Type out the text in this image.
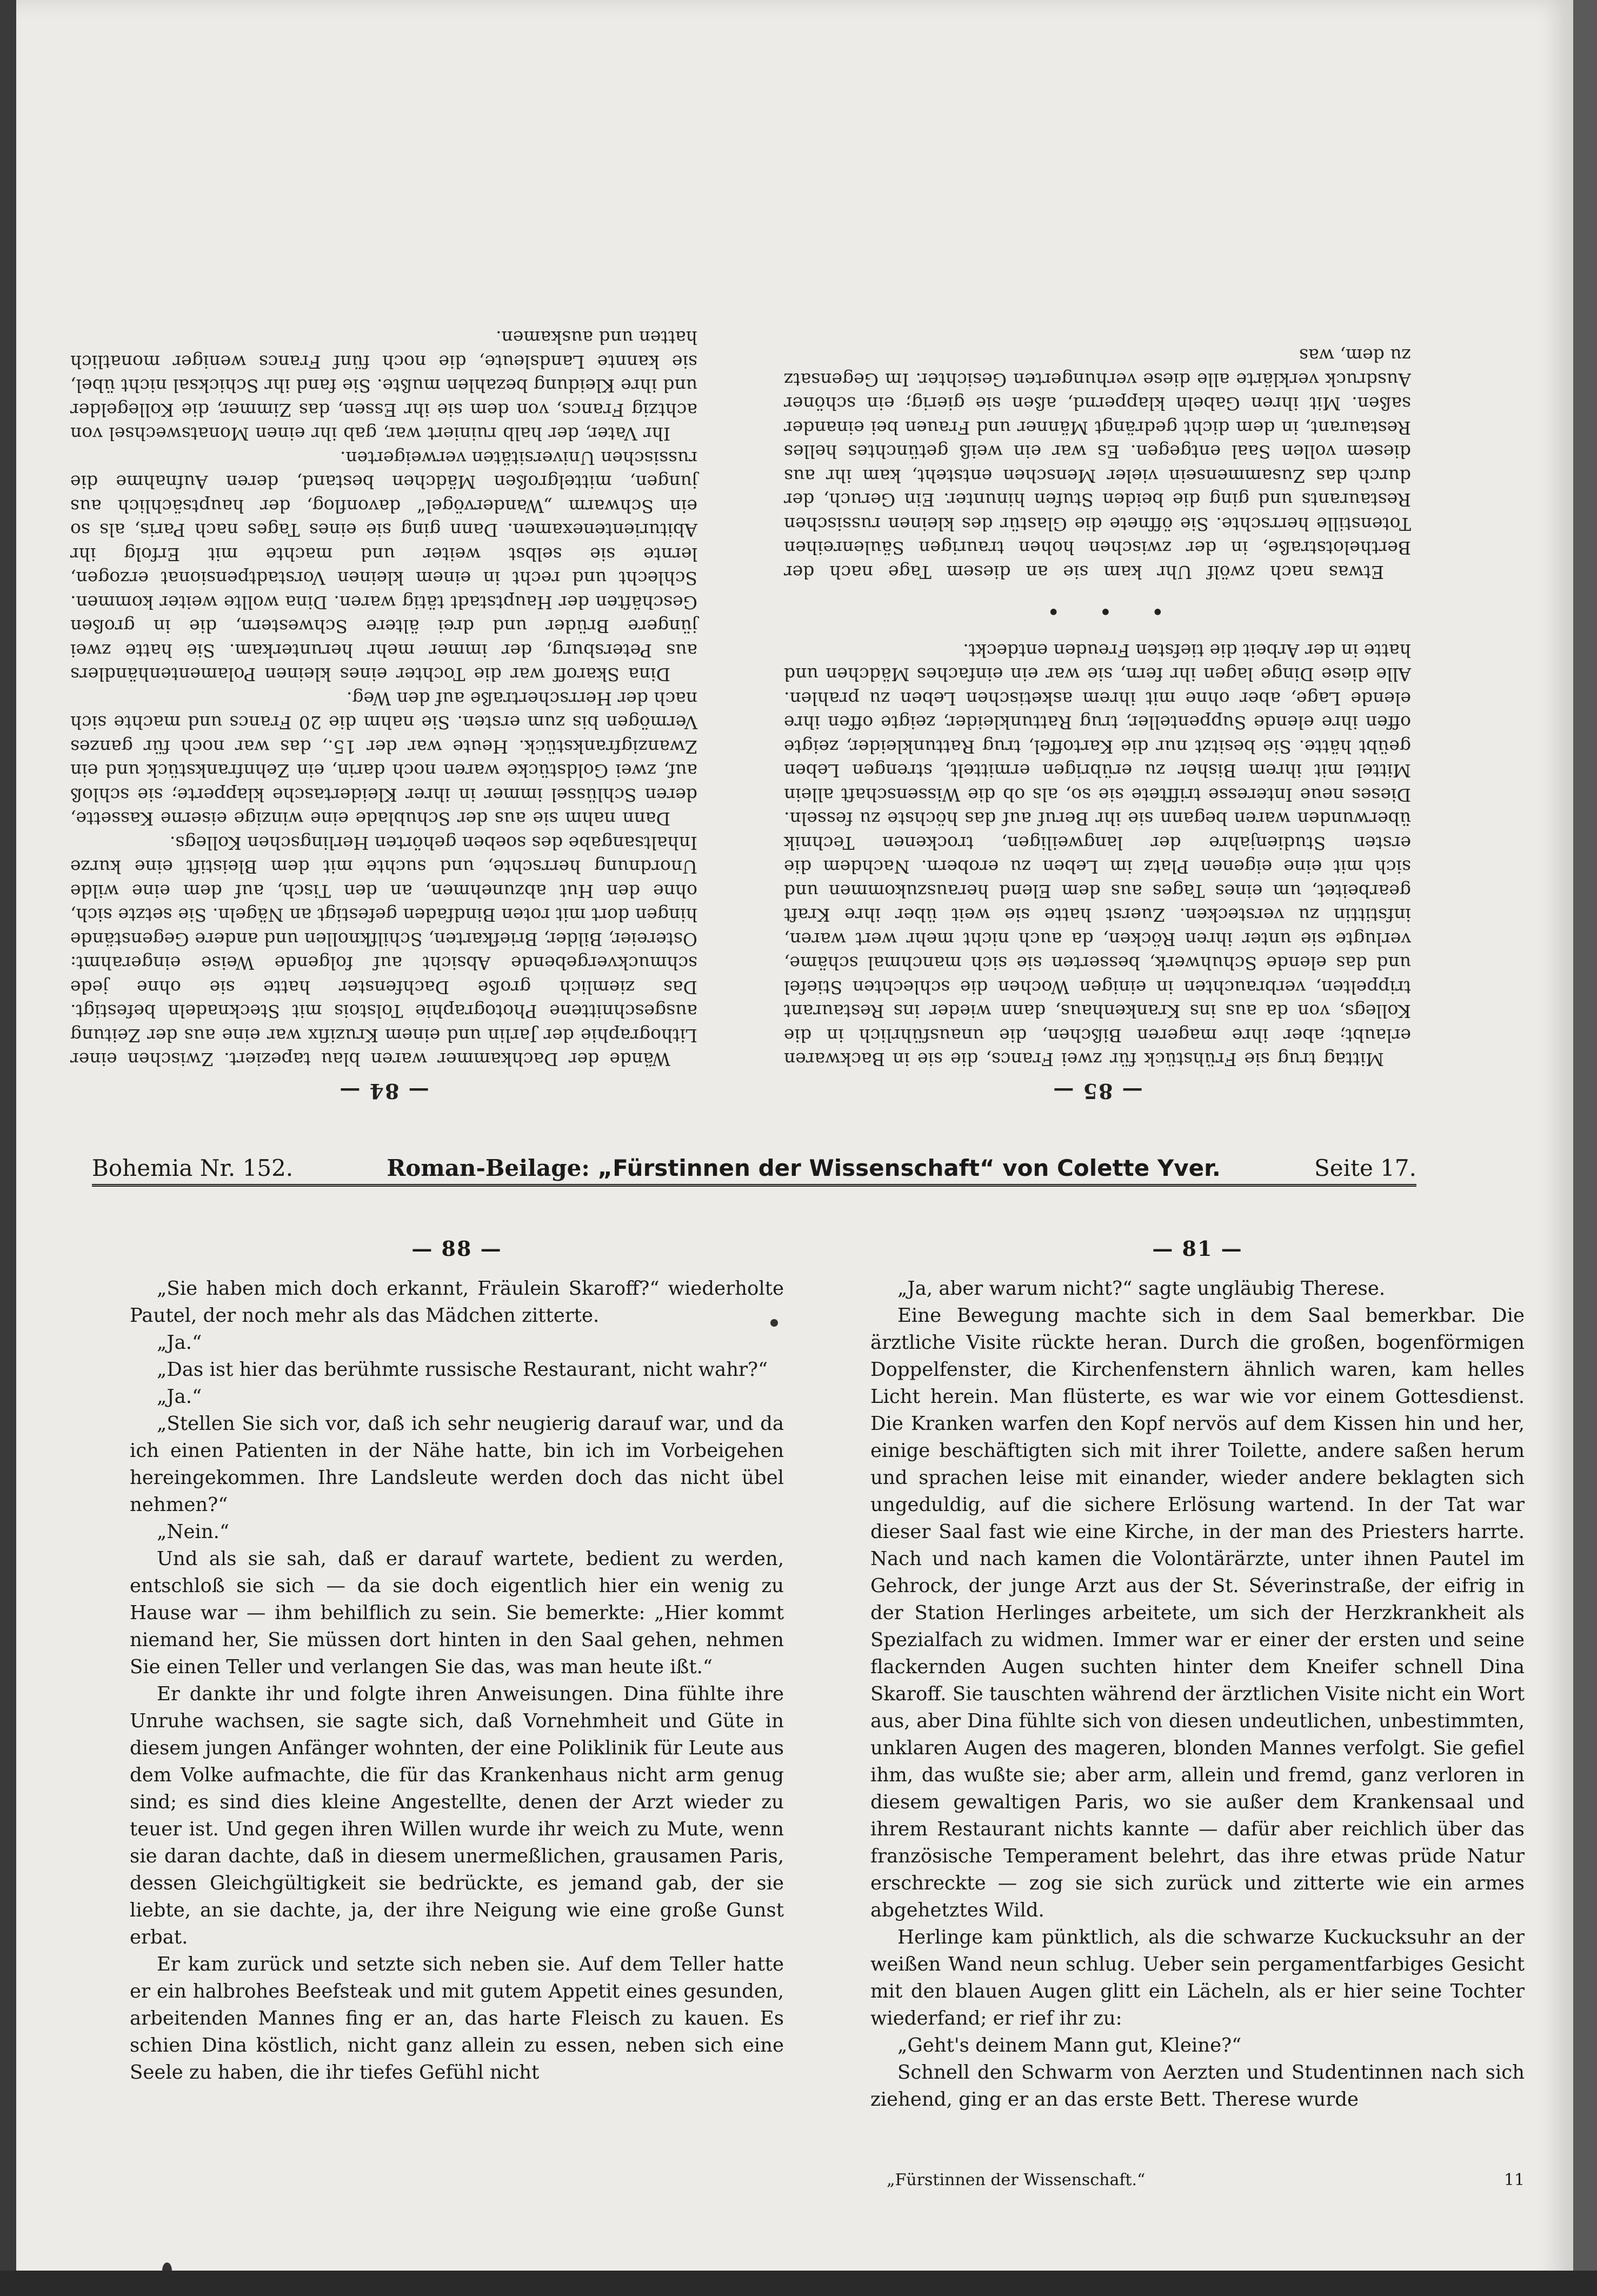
— 85 —

Mittag trug sie Frühstück für zwei Francs, die sie in Backwaren erlaubt; aber ihre mageren Bißchen, die unausführlich in die Kollegs, von da aus ins Krankenhaus, dann wieder ins Restaurant trippelten, verbrauchten in einigen Wochen die schlechten Stiefel und das elende Schuhwerk, besserten sie sich manchmal schäme, verlugte sie unter ihren Röcken, da auch nicht mehr wert waren, infstittin zu verstecken. Zuerst hatte sie weit über ihre Kraft gearbeitet, um eines Tages aus dem Elend herauszukommen und sich mit eine eigenen Platz im Leben zu erobern. Nachdem die ersten Studienjahre der langweiligen, trockenen Technik überwunden waren begann sie ihr Beruf auf das höchste zu fesseln. Dieses neue Interesse trifftete sie so, als ob die Wissenschaft allein Mittel mit ihrem Bisher zu erübrigen ermittelt, strengen Leben geübt hätte. Sie besitzt nur die Kartoffel, trug Rattunkleider, zeigte offen ihre elende Suppenteller, trug Rattunkleider, zeigte offen ihre elende Lage, aber ohne mit ihrem asketischen Leben zu prahlen. Alle diese Dinge lagen ihr fern, sie war ein einfaches Mädchen und hatte in der Arbeit die tiefsten Freuden entdeckt.

• • •

Etwas nach zwölf Uhr kam sie an diesem Tage nach der Berthelotstraße, in der zwischen hohen traurigen Säulenreihen Totenstille herrschte. Sie öffnete die Glastür des kleinen russischen Restaurants und ging die beiden Stufen hinunter. Ein Geruch, der durch das Zusammensein vieler Menschen entsteht, kam ihr aus diesem vollen Saal entgegen. Es war ein weiß getünchtes helles Restaurant, in dem dicht gedrängt Männer und Frauen bei einander saßen. Mit ihren Gabeln klappernd, aßen sie gierig; ein schöner Ausdruck verklärte alle diese verhungerten Gesichter. Im Gegensatz zu dem, was

— 84 —

Wände der Dachkammer waren blau tapeziert. Zwischen einer Lithographie der Jarlin und einem Kruzifix war eine aus der Zeitung ausgeschnittene Photographie Tolstois mit Stecknadeln befestigt. Das ziemlich große Dachfenster hatte sie ohne jede schmuckvergebende Absicht auf folgende Weise eingerahmt: Ostereier, Bilder, Briefkarten, Schilfknollen und andere Gegenstände hingen dort mit roten Bindfaden gefestigt an Nägeln. Sie setzte sich, ohne den Hut abzunehmen, an den Tisch, auf dem eine wilde Unordnung herrschte, und suchte mit dem Bleistift eine kurze Inhaltsangabe des soeben gehörten Herlingschen Kollegs.

Dann nahm sie aus der Schublade eine winzige eiserne Kassette, deren Schlüssel immer in ihrer Kleidertasche klapperte; sie schloß auf, zwei Goldstücke waren noch darin, ein Zehnfrankstück und ein Zwanzigfrankstück. Heute war der 15., das war noch für ganzes Vermögen bis zum ersten. Sie nahm die 20 Francs und machte sich nach der Herrschertraße auf den Weg.

Dina Skaroff war die Tochter eines kleinen Polamentenhändlers aus Petersburg, der immer mehr herunterkam. Sie hatte zwei jüngere Brüder und drei ältere Schwestern, die in großen Geschäften der Hauptstadt tätig waren. Dina wollte weiter kommen. Schlecht und recht in einem kleinen Vorstadtpensionat erzogen, lernte sie selbst weiter und machte mit Erfolg ihr Abiturientenexamen. Dann ging sie eines Tages nach Paris, als so ein Schwarm „Wandervögel“ davonflog, der hauptsächlich aus jungen, mittelgroßen Mädchen bestand, deren Aufnahme die russischen Universitäten verweigerten.

Ihr Vater, der halb ruiniert war, gab ihr einen Monatswechsel von achtzig Francs, von dem sie ihr Essen, das Zimmer, die Kollegelder und ihre Kleidung bezahlen mußte. Sie fand ihr Schicksal nicht übel, sie kannte Landsleute, die noch fünf Francs weniger monatlich hatten und auskamen.

Bohemia Nr. 152.	Roman-Beilage: „Fürstinnen der Wissenschaft“ von Colette Yver.	Seite 17.
— 88 —

„Sie haben mich doch erkannt, Fräulein Skaroff?“ wiederholte Pautel, der noch mehr als das Mädchen zitterte.

„Ja.“

„Das ist hier das berühmte russische Restaurant, nicht wahr?“

„Ja.“

„Stellen Sie sich vor, daß ich sehr neugierig darauf war, und da ich einen Patienten in der Nähe hatte, bin ich im Vorbeigehen hereingekommen. Ihre Landsleute werden doch das nicht übel nehmen?“

„Nein.“

Und als sie sah, daß er darauf wartete, bedient zu werden, entschloß sie sich — da sie doch eigentlich hier ein wenig zu Hause war — ihm behilflich zu sein. Sie bemerkte: „Hier kommt niemand her, Sie müssen dort hinten in den Saal gehen, nehmen Sie einen Teller und verlangen Sie das, was man heute ißt.“

Er dankte ihr und folgte ihren Anweisungen. Dina fühlte ihre Unruhe wachsen, sie sagte sich, daß Vornehmheit und Güte in diesem jungen Anfänger wohnten, der eine Poliklinik für Leute aus dem Volke aufmachte, die für das Krankenhaus nicht arm genug sind; es sind dies kleine Angestellte, denen der Arzt wieder zu teuer ist. Und gegen ihren Willen wurde ihr weich zu Mute, wenn sie daran dachte, daß in diesem unermeßlichen, grausamen Paris, dessen Gleichgültigkeit sie bedrückte, es jemand gab, der sie liebte, an sie dachte, ja, der ihre Neigung wie eine große Gunst erbat.

Er kam zurück und setzte sich neben sie. Auf dem Teller hatte er ein halbrohes Beefsteak und mit gutem Appetit eines gesunden, arbeitenden Mannes fing er an, das harte Fleisch zu kauen. Es schien Dina köstlich, nicht ganz allein zu essen, neben sich eine Seele zu haben, die ihr tiefes Gefühl nicht

— 81 —

„Ja, aber warum nicht?“ sagte ungläubig Therese.

Eine Bewegung machte sich in dem Saal bemerkbar. Die ärztliche Visite rückte heran. Durch die großen, bogenförmigen Doppelfenster, die Kirchenfenstern ähnlich waren, kam helles Licht herein. Man flüsterte, es war wie vor einem Gottesdienst. Die Kranken warfen den Kopf nervös auf dem Kissen hin und her, einige beschäftigten sich mit ihrer Toilette, andere saßen herum und sprachen leise mit einander, wieder andere beklagten sich ungeduldig, auf die sichere Erlösung wartend. In der Tat war dieser Saal fast wie eine Kirche, in der man des Priesters harrte. Nach und nach kamen die Volontärärzte, unter ihnen Pautel im Gehrock, der junge Arzt aus der St. Séverinstraße, der eifrig in der Station Herlinges arbeitete, um sich der Herzkrankheit als Spezialfach zu widmen. Immer war er einer der ersten und seine flackernden Augen suchten hinter dem Kneifer schnell Dina Skaroff. Sie tauschten während der ärztlichen Visite nicht ein Wort aus, aber Dina fühlte sich von diesen undeutlichen, unbestimmten, unklaren Augen des mageren, blonden Mannes verfolgt. Sie gefiel ihm, das wußte sie; aber arm, allein und fremd, ganz verloren in diesem gewaltigen Paris, wo sie außer dem Krankensaal und ihrem Restaurant nichts kannte — dafür aber reichlich über das französische Temperament belehrt, das ihre etwas prüde Natur erschreckte — zog sie sich zurück und zitterte wie ein armes abgehetztes Wild.

Herlinge kam pünktlich, als die schwarze Kuckucksuhr an der weißen Wand neun schlug. Ueber sein pergamentfarbiges Gesicht mit den blauen Augen glitt ein Lächeln, als er hier seine Tochter wiederfand; er rief ihr zu:

„Geht's deinem Mann gut, Kleine?“

Schnell den Schwarm von Aerzten und Studentinnen nach sich ziehend, ging er an das erste Bett. Therese wurde

„Fürstinnen der Wissenschaft.“	11
